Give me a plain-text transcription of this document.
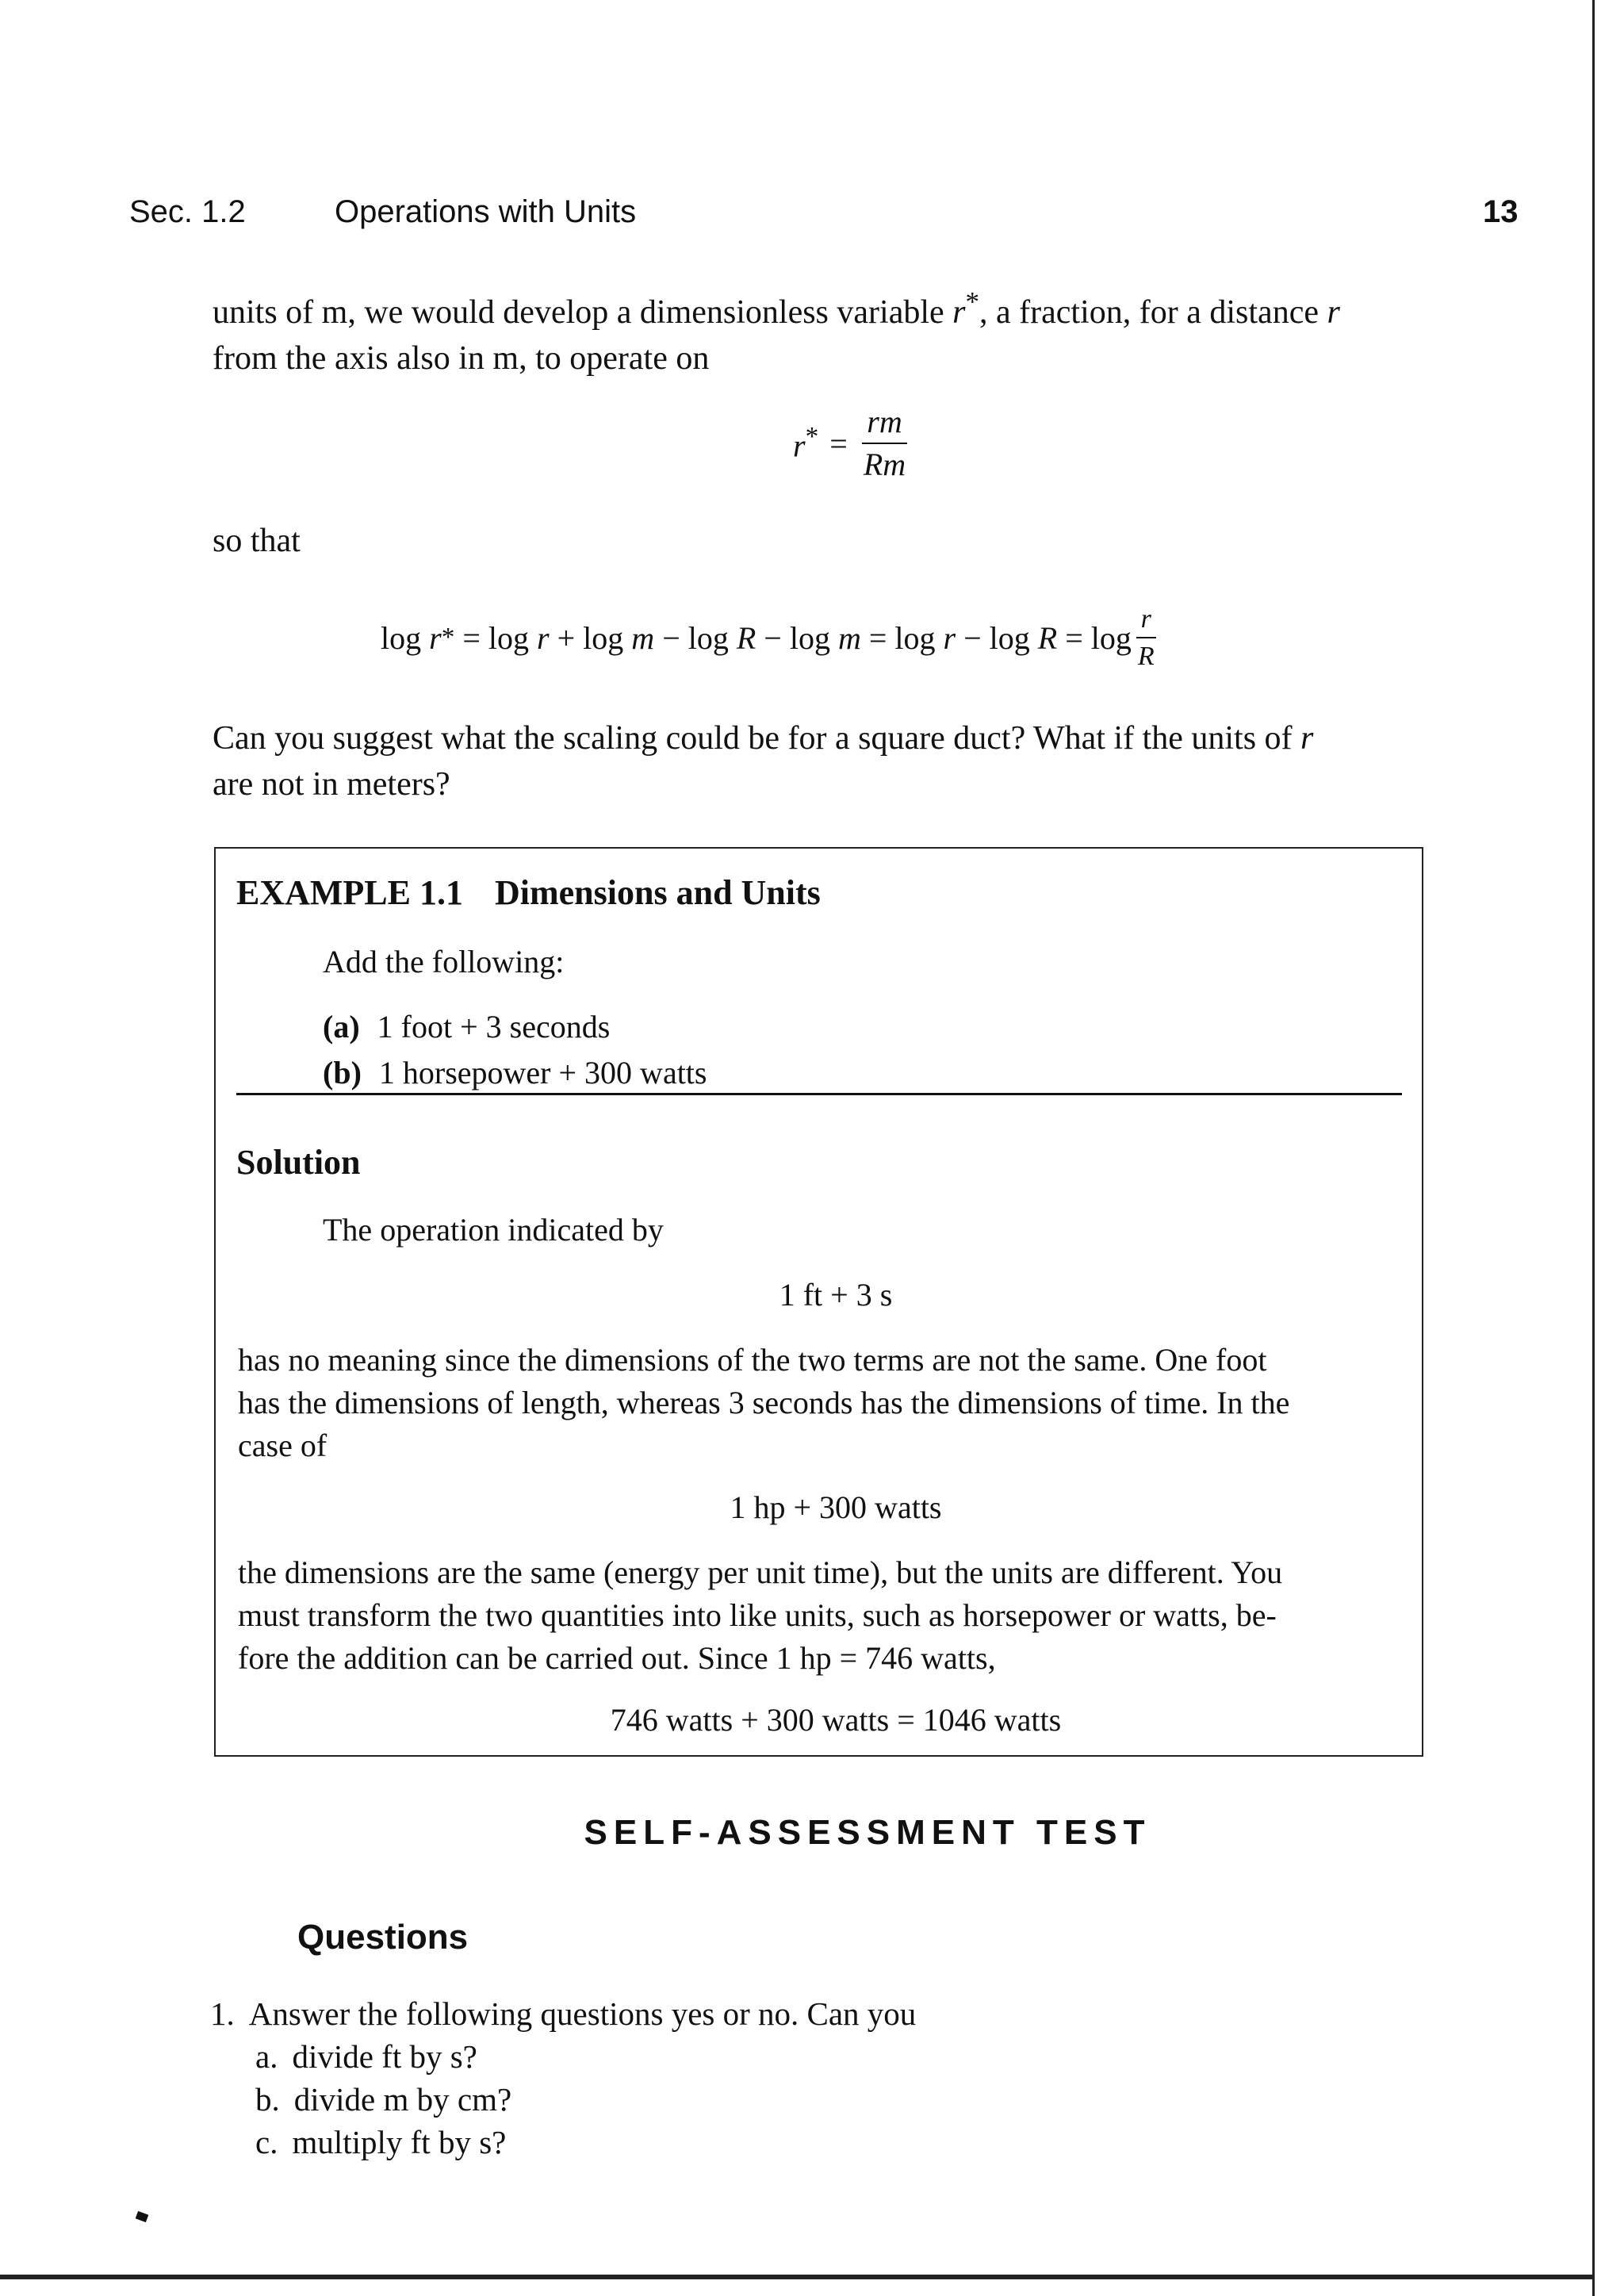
Sec. 1.2	Operations with Units	13
units of m, we would develop a dimensionless variable r*, a fraction, for a distance r
from the axis also in m, to operate on
$r^* = \frac{rm}{Rm}$
so that
log r * = $\log r + \log m - \log R - \log m = \log r - \log R = \log \frac{r}{R}$
Can you suggest what the scaling could be for a square duct? What if the units of r
are not in meters?
EXAMPLE 1.1 Dimensions and Units
Add the following:
(a) 1 foot + 3 seconds
(b) 1 horsepower + 300 watts
Solution
The operation indicated by
1 ft + 3 s
has no meaning since the dimensions of the two terms are not the same. One foot
has the dimensions of length, whereas 3 seconds has the dimensions of time. In the
case of
1 hp + 300 watts
the dimensions are the same (energy per unit time), but the units are different. You
must transform the two quantities into like units, such as horsepower or watts, be-
fore the addition can be carried out. Since 1 hp = 746 watts,
746 watts + 300 watts = 1046 watts
SELF-ASSESSMENT TEST
Questions
1. Answer the following questions yes or no. Can you
a. divide ft by s?
b. divide m by cm?
c. multiply ft by s?
